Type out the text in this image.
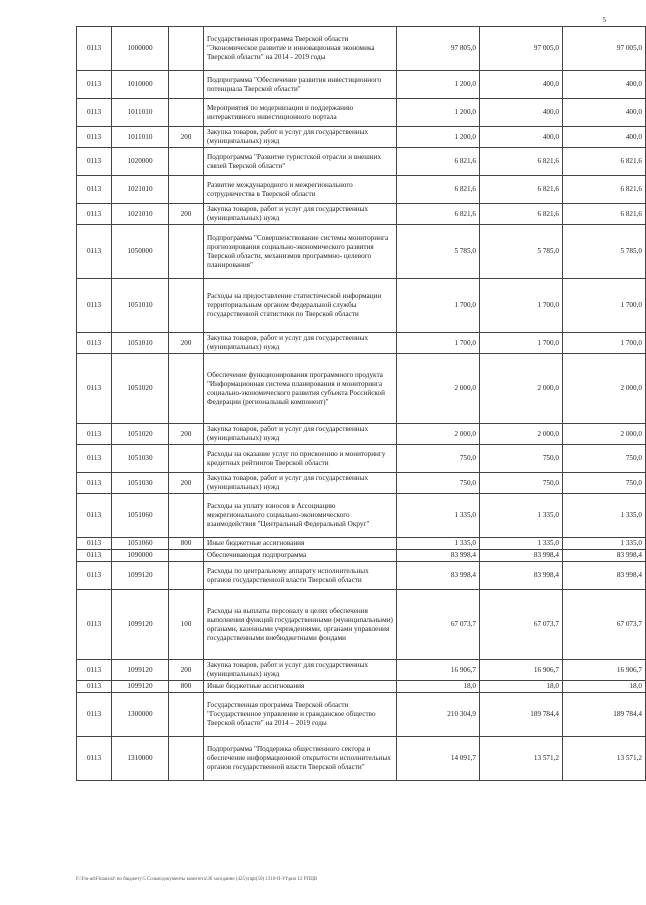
5
0113	1000000		Государственная программа Тверской области "Экономическое развитие и инновационная экономика Тверской области" на 2014 - 2019 годы	97 805,0	97 005,0	97 005,0
0113	1010000		Подпрограмма "Обеспечение развития инвестиционного потенциала Тверской области"	1 200,0	400,0	400,0
0113	1011010		Мероприятия по модернизации и поддержанию интерактивного инвестиционного портала	1 200,0	400,0	400,0
0113	1011010	200	Закупка товаров, работ и услуг для государственных (муниципальных) нужд	1 200,0	400,0	400,0
0113	1020000		Подпрограмма "Развитие туристской отрасли и внешних связей Тверской области"	6 821,6	6 821,6	6 821,6
0113	1021010		Развитие международного и межрегионального сотрудничества в Тверской области	6 821,6	6 821,6	6 821,6
0113	1021010	200	Закупка товаров, работ и услуг для государственных (муниципальных) нужд	6 821,6	6 821,6	6 821,6
0113	1050000		Подпрограмма "Совершенствование системы мониторинга прогнозирования социально-экономического развития Тверской области, механизмов программно- целевого планирования"	5 785,0	5 785,0	5 785,0
0113	1051010		Расходы на предоставление статистической информации территориальным органом Федеральной службы государственной статистики по Тверской области	1 700,0	1 700,0	1 700,0
0113	1051010	200	Закупка товаров, работ и услуг для государственных (муниципальных) нужд	1 700,0	1 700,0	1 700,0
0113	1051020		Обеспечение функционирования программного продукта "Информационная система планирования и мониторинга социально-экономического развития субъекта Российской Федерации (региональный компонент)"	2 000,0	2 000,0	2 000,0
0113	1051020	200	Закупка товаров, работ и услуг для государственных (муниципальных) нужд	2 000,0	2 000,0	2 000,0
0113	1051030		Расходы на оказание услуг по присвоению и мониторингу кредитных рейтингов Тверской области	750,0	750,0	750,0
0113	1051030	200	Закупка товаров, работ и услуг для государственных (муниципальных) нужд	750,0	750,0	750,0
0113	1051060		Расходы на уплату взносов в Ассоциацию межрегионального социально-экономического взаимодействия "Центральный Федеральный Округ"	1 335,0	1 335,0	1 335,0
0113	1051060	800	Иные бюджетные ассигнования	1 335,0	1 335,0	1 335,0
0113	1090000		Обеспечивающая подпрограмма	83 998,4	83 998,4	83 998,4
0113	1099120		Расходы по центральному аппарату исполнительных органов государственной власти Тверской области	83 998,4	83 998,4	83 998,4
0113	1099120	100	Расходы на выплаты персоналу в целях обеспечения выполнения функций государственными (муниципальными) органами, казенными учреждениями, органами управления государственными внебюджетными фондами	67 073,7	67 073,7	67 073,7
0113	1099120	200	Закупка товаров, работ и услуг для государственных (муниципальных) нужд	16 906,7	16 906,7	16 906,7
0113	1099120	800	Иные бюджетные ассигнования	18,0	18,0	18,0
0113	1300000		Государственная программа Тверской области "Государственное управление и гражданское общество Тверской области" на 2014 – 2019 годы	210 304,9	189 784,4	189 784,4
0113	1310000		Подпрограмма "Поддержка общественного сектора и обеспечение информационной открытости исполнительных органов государственной власти Тверской области"	14 091,7	13 571,2	13 571,2
F:\Fin-ad\Finansist\ по бюджету\5 Созыв\документы комитета\30 заседание (425)\rapt(50) 1310-II-УI\рил 12 РПЦВ
